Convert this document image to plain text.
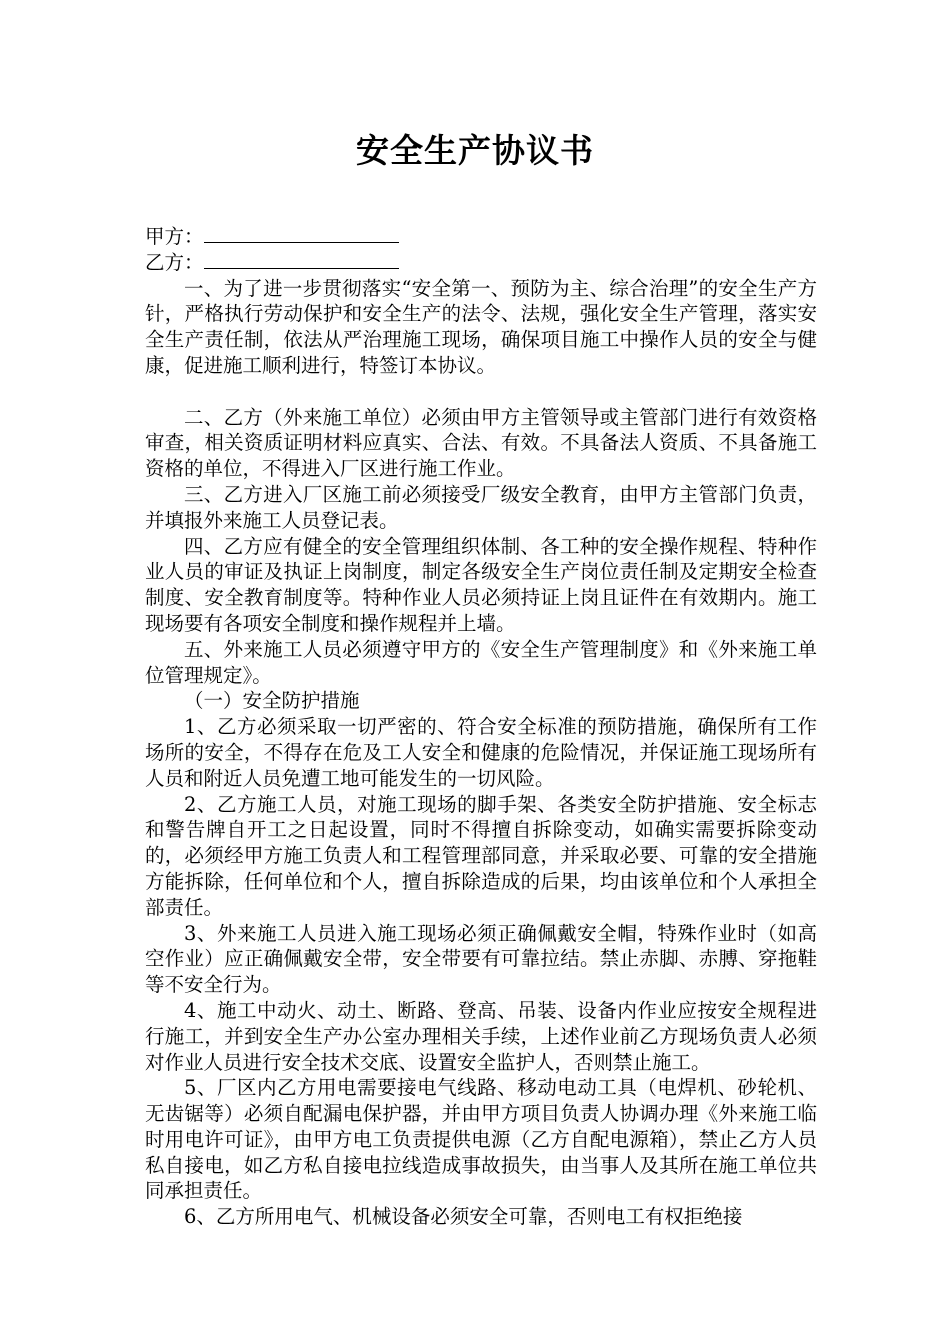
安全生产协议书
甲方：
乙方：

一、为了进一步贯彻落实“安全第一、预防为主、综合治理”的安全生产方针，严格执行劳动保护和安全生产的法令、法规，强化安全生产管理，落实安全生产责任制，依法从严治理施工现场，确保项目施工中操作人员的安全与健康，促进施工顺利进行，特签订本协议。

二、乙方（外来施工单位）必须由甲方主管领导或主管部门进行有效资格审查，相关资质证明材料应真实、合法、有效。不具备法人资质、不具备施工资格的单位，不得进入厂区进行施工作业。

三、乙方进入厂区施工前必须接受厂级安全教育，由甲方主管部门负责，并填报外来施工人员登记表。

四、乙方应有健全的安全管理组织体制、各工种的安全操作规程、特种作业人员的审证及执证上岗制度，制定各级安全生产岗位责任制及定期安全检查制度、安全教育制度等。特种作业人员必须持证上岗且证件在有效期内。施工现场要有各项安全制度和操作规程并上墙。

五、外来施工人员必须遵守甲方的《安全生产管理制度》和《外来施工单位管理规定》。

（一）安全防护措施

1、乙方必须采取一切严密的、符合安全标准的预防措施，确保所有工作场所的安全，不得存在危及工人安全和健康的危险情况，并保证施工现场所有人员和附近人员免遭工地可能发生的一切风险。

2、乙方施工人员，对施工现场的脚手架、各类安全防护措施、安全标志和警告牌自开工之日起设置，同时不得擅自拆除变动，如确实需要拆除变动的，必须经甲方施工负责人和工程管理部同意，并采取必要、可靠的安全措施方能拆除，任何单位和个人，擅自拆除造成的后果，均由该单位和个人承担全部责任。

3、外来施工人员进入施工现场必须正确佩戴安全帽，特殊作业时（如高空作业）应正确佩戴安全带，安全带要有可靠拉结。禁止赤脚、赤膊、穿拖鞋等不安全行为。

4、施工中动火、动土、断路、登高、吊装、设备内作业应按安全规程进行施工，并到安全生产办公室办理相关手续，上述作业前乙方现场负责人必须对作业人员进行安全技术交底、设置安全监护人，否则禁止施工。

5、厂区内乙方用电需要接电气线路、移动电动工具（电焊机、砂轮机、无齿锯等）必须自配漏电保护器，并由甲方项目负责人协调办理《外来施工临时用电许可证》，由甲方电工负责提供电源（乙方自配电源箱），禁止乙方人员私自接电，如乙方私自接电拉线造成事故损失，由当事人及其所在施工单位共同承担责任。

6、乙方所用电气、机械设备必须安全可靠，否则电工有权拒绝接
